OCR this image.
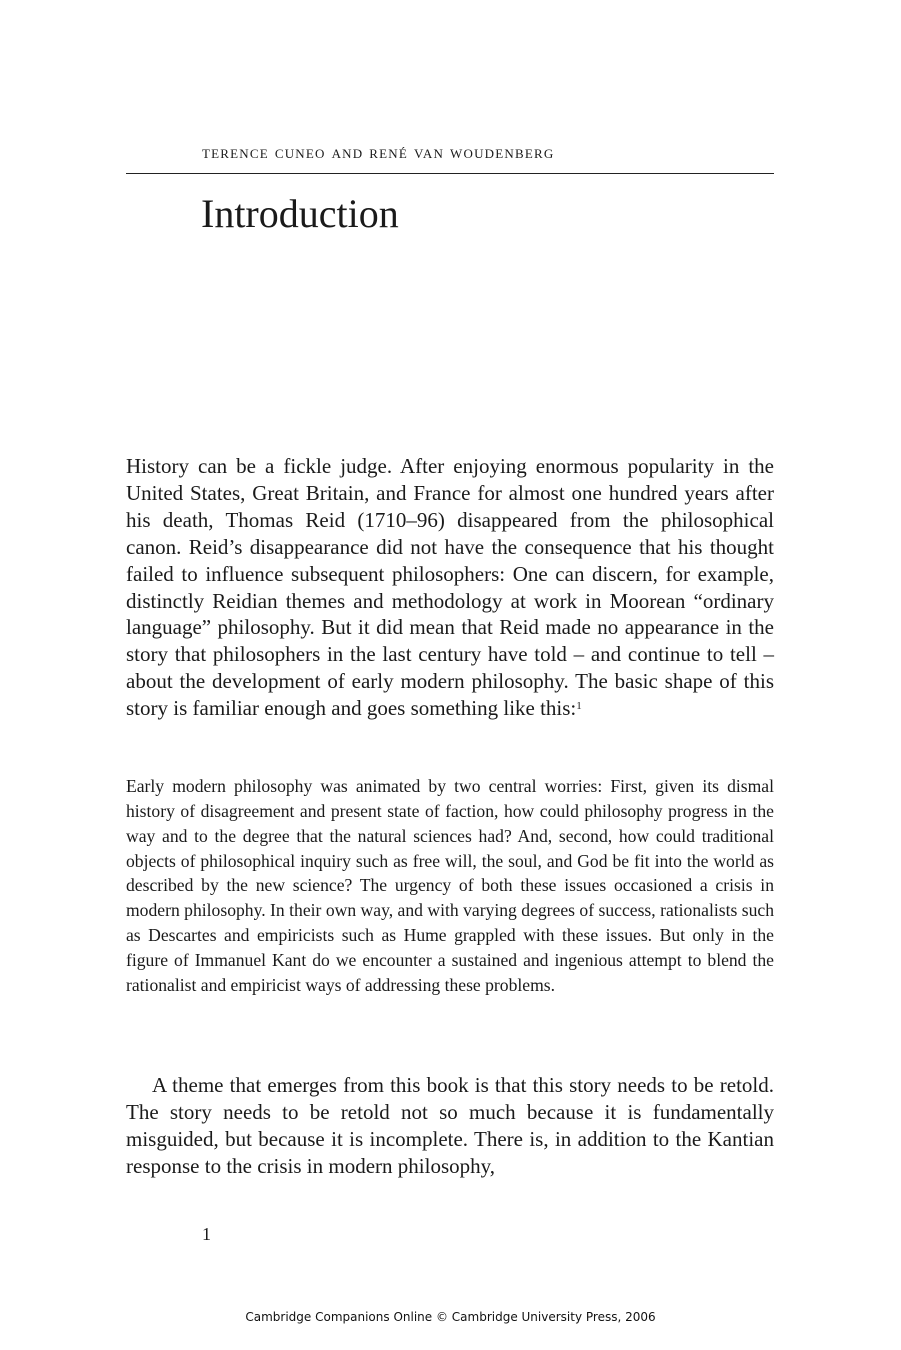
terence cuneo and rené van woudenberg
Introduction

History can be a fickle judge. After enjoying enormous popularity in the United States, Great Britain, and France for almost one hundred years after his death, Thomas Reid (1710–96) disappeared from the philosophical canon. Reid’s disappearance did not have the consequence that his thought failed to influence subsequent philosophers: One can discern, for example, distinctly Reidian themes and methodology at work in Moorean “ordinary language” philosophy. But it did mean that Reid made no appearance in the story that philosophers in the last century have told – and continue to tell – about the development of early modern philosophy. The basic shape of this story is familiar enough and goes something like this:$^1$

Early modern philosophy was animated by two central worries: First, given its dismal history of disagreement and present state of faction, how could philosophy progress in the way and to the degree that the natural sciences had? And, second, how could traditional objects of philosophical inquiry such as free will, the soul, and God be fit into the world as described by the new science? The urgency of both these issues occasioned a crisis in modern philosophy. In their own way, and with varying degrees of success, rationalists such as Descartes and empiricists such as Hume grappled with these issues. But only in the figure of Immanuel Kant do we encounter a sustained and ingenious attempt to blend the rationalist and empiricist ways of addressing these problems.

A theme that emerges from this book is that this story needs to be retold. The story needs to be retold not so much because it is fundamentally misguided, but because it is incomplete. There is, in addition to the Kantian response to the crisis in modern philosophy,

1
Cambridge Companions Online © Cambridge University Press, 2006
